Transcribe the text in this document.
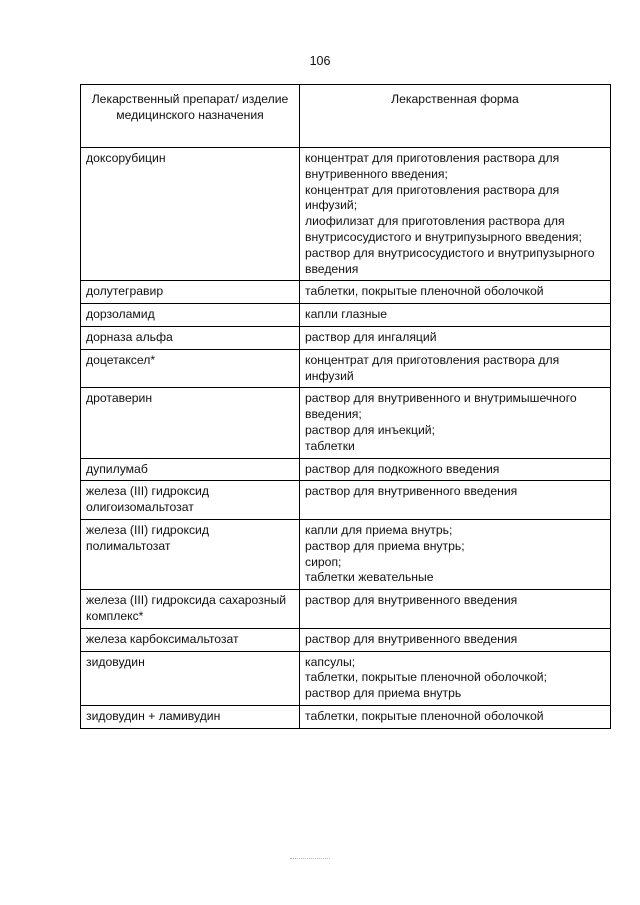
106
Лекарственный препарат/ изделие медицинского назначения	Лекарственная форма
доксорубицин	концентрат для приготовления раствора для внутривенного введения;
концентрат для приготовления раствора для инфузий;
лиофилизат для приготовления раствора для внутрисосудистого и внутрипузырного введения;
раствор для внутрисосудистого и внутрипузырного введения

долутегравир	таблетки, покрытые пленочной оболочкой

дорзоламид	капли глазные

дорназа альфа	раствор для ингаляций

доцетаксел*	концентрат для приготовления раствора для инфузий

дротаверин	раствор для внутривенного и внутримышечного введения;
раствор для инъекций;
таблетки

дупилумаб	раствор для подкожного введения

железа (III) гидроксид олигоизомальтозат	раствор для внутривенного введения

железа (III) гидроксид полимальтозат	капли для приема внутрь;
раствор для приема внутрь;
сироп;
таблетки жевательные

железа (III) гидроксида сахарозный комплекс*	раствор для внутривенного введения

железа карбоксимальтозат	раствор для внутривенного введения

зидовудин	капсулы;
таблетки, покрытые пленочной оболочкой;
раствор для приема внутрь

зидовудин + ламивудин	таблетки, покрытые пленочной оболочкой
